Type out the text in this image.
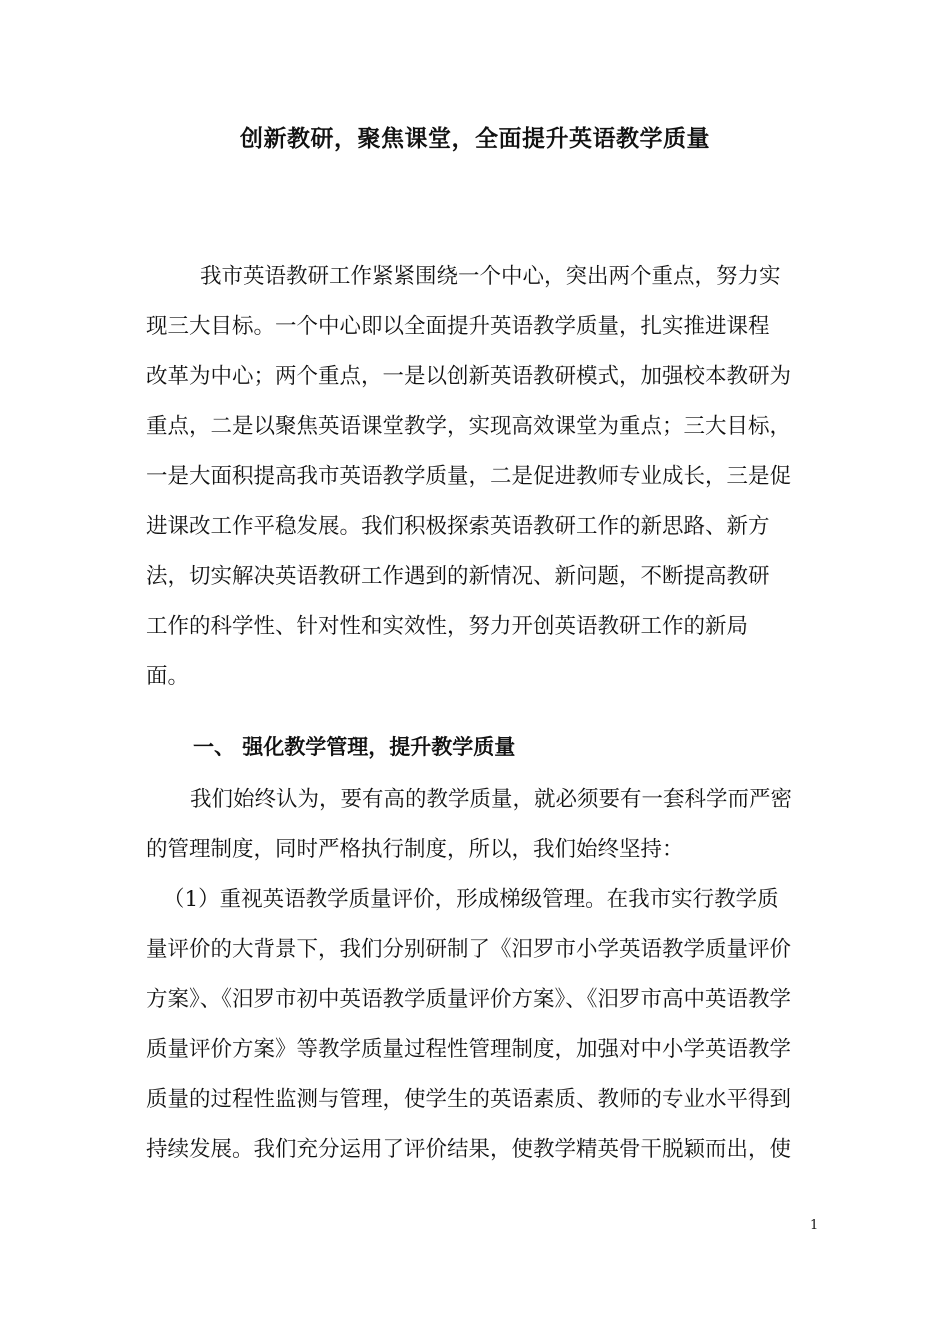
创新教研，聚焦课堂，全面提升英语教学质量
我市英语教研工作紧紧围绕一个中心，突出两个重点，努力实
现三大目标。一个中心即以全面提升英语教学质量，扎实推进课程
改革为中心；两个重点，一是以创新英语教研模式，加强校本教研为
重点，二是以聚焦英语课堂教学，实现高效课堂为重点；三大目标，
一是大面积提高我市英语教学质量，二是促进教师专业成长，三是促
进课改工作平稳发展。我们积极探索英语教研工作的新思路、新方
法，切实解决英语教研工作遇到的新情况、新问题，不断提高教研
工作的科学性、针对性和实效性，努力开创英语教研工作的新局
面。
一、 强化教学管理，提升教学质量
我们始终认为，要有高的教学质量，就必须要有一套科学而严密
的管理制度，同时严格执行制度，所以，我们始终坚持：
（1）重视英语教学质量评价，形成梯级管理。在我市实行教学质
量评价的大背景下，我们分别研制了《汨罗市小学英语教学质量评价
方案》、《汨罗市初中英语教学质量评价方案》、《汨罗市高中英语教学
质量评价方案》等教学质量过程性管理制度，加强对中小学英语教学
质量的过程性监测与管理，使学生的英语素质、教师的专业水平得到
持续发展。我们充分运用了评价结果，使教学精英骨干脱颖而出，使
1
